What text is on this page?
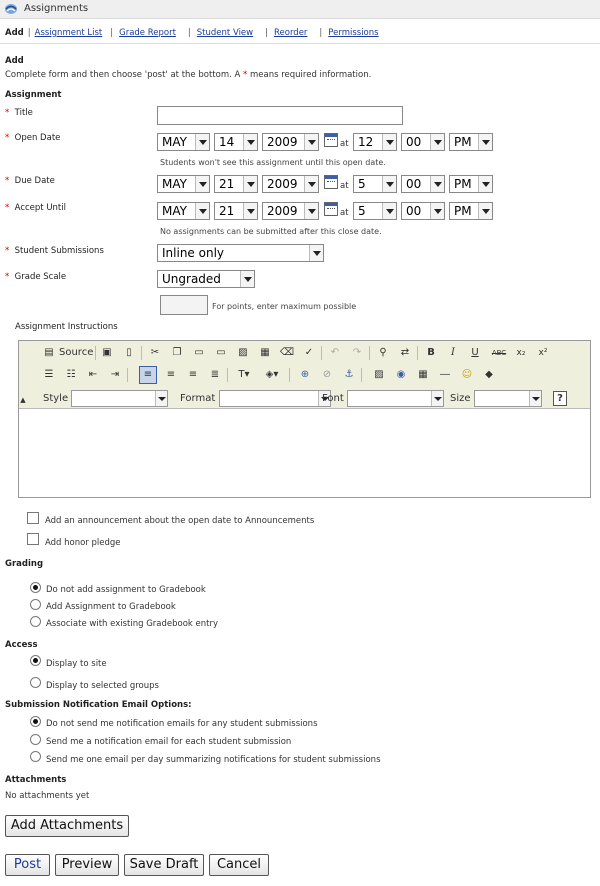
Assignments
Add | Assignment List | Grade Report | Student View | Reorder | Permissions
Add
Complete form and then choose 'post' at the bottom. A * means required information.
Assignment
* Title
* Open Date	MAY	14	2009	at 12	00	PM
Students won't see this assignment until this open date.
* Due Date	MAY	21	2009	at 5	00	PM
* Accept Until	MAY	21	2009	at 5	00	PM
No assignments can be submitted after this close date.
* Student Submissions	Inline only
* Grade Scale	Ungraded
For points, enter maximum possible
Assignment Instructions
▤ Source ▣	▯	✂	❐	▭	▭	▨	▦	⌫	✓	↶	↷	⚲	⇄	B	I	U	ABC	x₂	x²
☰	☷	⇤	⇥	≡	≡	≡	≣	T▾	◈▾	⊕	⊘	⚓	▨	◉	▦	―	☺	◆
▲ Style	Format	Font	Size	?
Add an announcement about the open date to Announcements
Add honor pledge
Grading
Do not add assignment to Gradebook
Add Assignment to Gradebook
Associate with existing Gradebook entry
Access
Display to site
Display to selected groups
Submission Notification Email Options:
Do not send me notification emails for any student submissions
Send me a notification email for each student submission
Send me one email per day summarizing notifications for student submissions
Attachments
No attachments yet
Add Attachments
Post	Preview	Save Draft	Cancel
